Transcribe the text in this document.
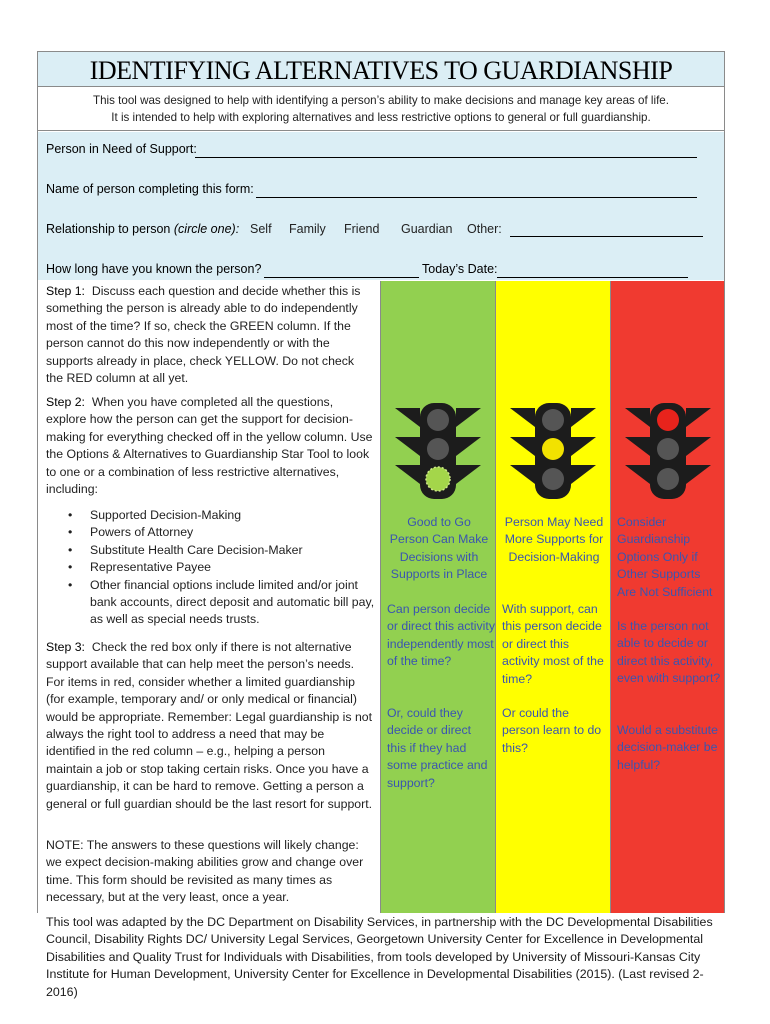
IDENTIFYING ALTERNATIVES TO GUARDIANSHIP
This tool was designed to help with identifying a person’s ability to make decisions and manage key areas of life.
It is intended to help with exploring alternatives and less restrictive options to general or full guardianship.
Person in Need of Support:
Name of person completing this form:
Relationship to person (circle one): Self Family Friend Guardian Other:
How long have you known the person?	Today’s Date:
Step 1: Discuss each question and decide whether this is something the person is already able to do independently most of the time? If so, check the GREEN column. If the person cannot do this now independently or with the supports already in place, check YELLOW. Do not check the RED column at all yet.
Step 2: When you have completed all the questions, explore how the person can get the support for decision-making for everything checked off in the yellow column. Use the Options & Alternatives to Guardianship Star Tool to look to one or a combination of less restrictive alternatives, including:
• Supported Decision-Making
• Powers of Attorney
• Substitute Health Care Decision-Maker
• Representative Payee
• Other financial options include limited and/or joint bank accounts, direct deposit and automatic bill pay, as well as special needs trusts.
Step 3: Check the red box only if there is not alternative support available that can help meet the person’s needs. For items in red, consider whether a limited guardianship (for example, temporary and/ or only medical or financial) would be appropriate. Remember: Legal guardianship is not always the right tool to address a need that may be identified in the red column – e.g., helping a person maintain a job or stop taking certain risks. Once you have a guardianship, it can be hard to remove. Getting a person a general or full guardian should be the last resort for support.
NOTE: The answers to these questions will likely change: we expect decision-making abilities grow and change over time. This form should be revisited as many times as necessary, but at the very least, once a year.
Good to Go Person Can Make Decisions with Supports in Place
Can person decide or direct this activity independently most of the time?
Or, could they decide or direct this if they had some practice and support?
Person May Need More Supports for Decision-Making
With support, can this person decide or direct this activity most of the time?
Or could the person learn to do this?
Consider Guardianship Options Only if Other Supports Are Not Sufficient
Is the person not able to decide or direct this activity, even with support?
Would a substitute decision-maker be helpful?
This tool was adapted by the DC Department on Disability Services, in partnership with the DC Developmental Disabilities Council, Disability Rights DC/ University Legal Services, Georgetown University Center for Excellence in Developmental Disabilities and Quality Trust for Individuals with Disabilities, from tools developed by University of Missouri-Kansas City Institute for Human Development, University Center for Excellence in Developmental Disabilities (2015). (Last revised 2-2016)
